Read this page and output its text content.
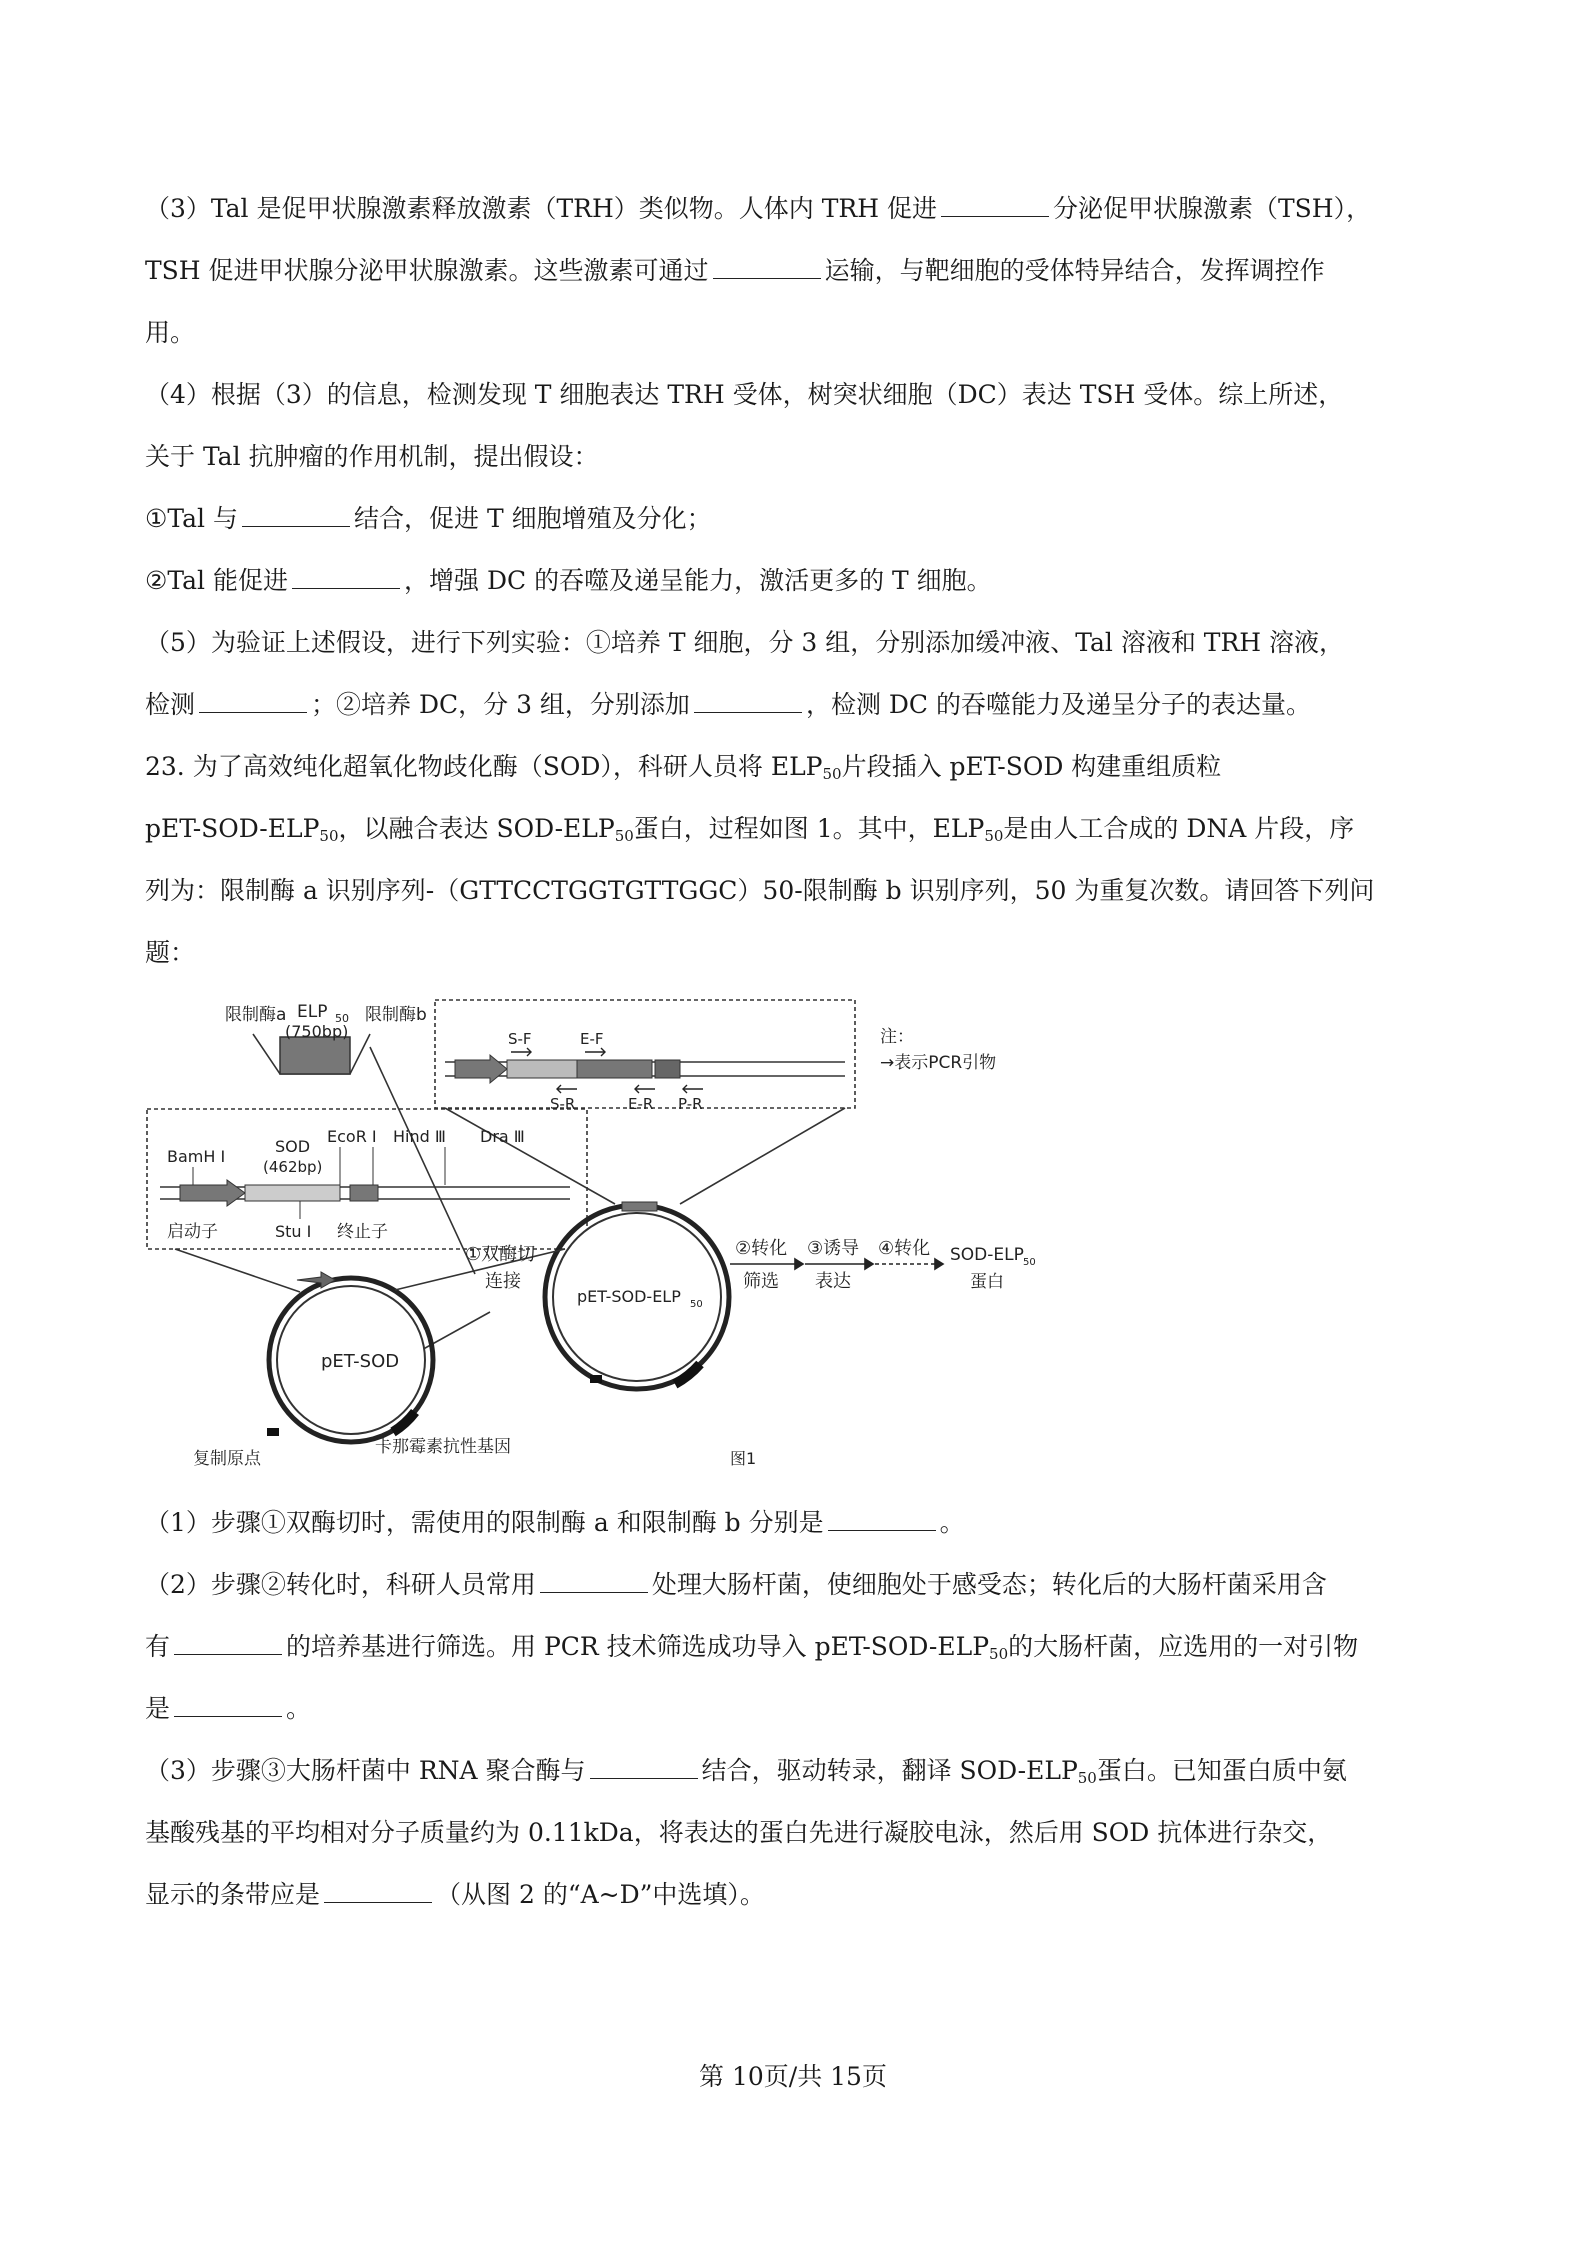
（3）Tal 是促甲状腺激素释放激素（TRH）类似物。人体内 TRH 促进	分泌促甲状腺激素（TSH），
TSH 促进甲状腺分泌甲状腺激素。这些激素可通过	运输，与靶细胞的受体特异结合，发挥调控作
用。
（4）根据（3）的信息，检测发现 T 细胞表达 TRH 受体，树突状细胞（DC）表达 TSH 受体。综上所述，
关于 Tal 抗肿瘤的作用机制，提出假设：
①Tal 与	结合，促进 T 细胞增殖及分化；
②Tal 能促进	，增强 DC 的吞噬及递呈能力，激活更多的 T 细胞。
（5）为验证上述假设，进行下列实验：①培养 T 细胞，分 3 组，分别添加缓冲液、Tal 溶液和 TRH 溶液，
检测	；②培养 DC，分 3 组，分别添加	，检测 DC 的吞噬能力及递呈分子的表达量。
23. 为了高效纯化超氧化物歧化酶（SOD），科研人员将 $ELP_{50}$片段插入 pET-SOD 构建重组质粒
pET-$SOD-ELP_{50}$，以融合表达 SOD-$ELP_{50}$蛋白，过程如图 1。其中，$ELP_{50}$是由人工合成的 DNA 片段，序
列为：限制酶 a 识别序列-（GTTCCTGGTGTTGGC）50-限制酶 b 识别序列，50 为重复次数。请回答下列问
题：
限制酶a ELP 50
(750bp)
限制酶b
BamH I
SOD
(462bp)
EcoR I Hind Ⅲ Dra Ⅲ
启动子	Stu I 终止子
pET-SOD
复制原点
卡那霉素抗性基因
S-F	E-F
S-R	E-R P-R
注：
→表示PCR引物
pET-SOD-ELP 50
①双酶切
连接
②转化
筛选
③诱导
表达
④转化 SOD-ELP 50
蛋白
图1
（1）步骤①双酶切时，需使用的限制酶 a 和限制酶 b 分别是	。
（2）步骤②转化时，科研人员常用	处理大肠杆菌，使细胞处于感受态；转化后的大肠杆菌采用含
有	的培养基进行筛选。用 PCR 技术筛选成功导入 pET-$SOD-ELP_{50}$的大肠杆菌，应选用的一对引物
是	。
（3）步骤③大肠杆菌中 RNA 聚合酶与	结合，驱动转录，翻译 SOD-$ELP_{50}$蛋白。已知蛋白质中氨
基酸残基的平均相对分子质量约为 0.11kDa，将表达的蛋白先进行凝胶电泳，然后用 SOD 抗体进行杂交，
显示的条带应是	（从图 2 的“A~D”中选填）。
第 10页/共 15页
